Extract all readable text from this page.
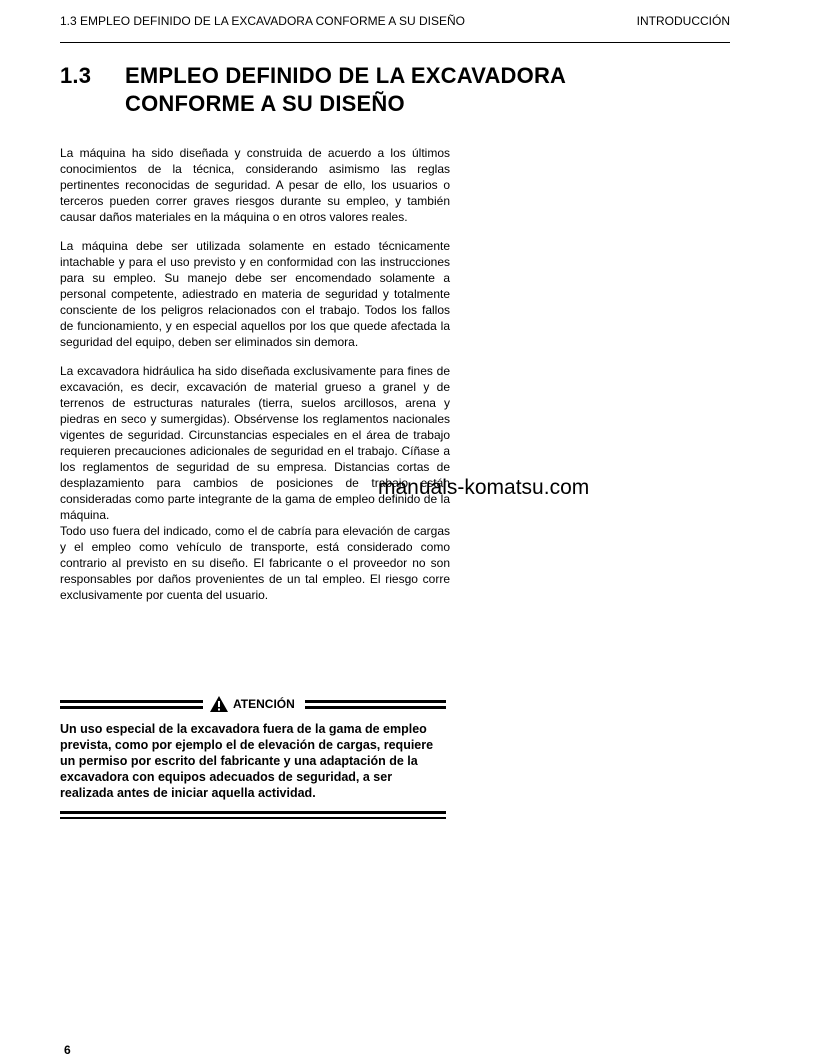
1.3 EMPLEO DEFINIDO DE LA EXCAVADORA CONFORME A SU DISEÑO	INTRODUCCIÓN
1.3 EMPLEO DEFINIDO DE LA EXCAVADORA CONFORME A SU DISEÑO

La máquina ha sido diseñada y construida de acuerdo a los últimos conocimientos de la técnica, considerando asimismo las reglas pertinentes reconocidas de seguridad. A pesar de ello, los usuarios o terceros pueden correr graves riesgos durante su empleo, y también causar daños materiales en la máquina o en otros valores reales.

La máquina debe ser utilizada solamente en estado técnicamente intachable y para el uso previsto y en conformidad con las instrucciones para su empleo. Su manejo debe ser encomendado solamente a personal competente, adiestrado en materia de seguridad y totalmente consciente de los peligros relacionados con el trabajo. Todos los fallos de funcionamiento, y en especial aquellos por los que quede afectada la seguridad del equipo, deben ser eliminados sin demora.

La excavadora hidráulica ha sido diseñada exclusivamente para fines de excavación, es decir, excavación de material grueso a granel y de terrenos de estructuras naturales (tierra, suelos arcillosos, arena y piedras en seco y sumergidas). Obsérvense los reglamentos nacionales vigentes de seguridad. Circunstancias especiales en el área de trabajo requieren precauciones adicionales de seguridad en el trabajo. Cíñase a los reglamentos de seguridad de su empresa. Distancias cortas de desplazamiento para cambios de posiciones de trabajo están consideradas como parte integrante de la gama de empleo definido de la máquina.

Todo uso fuera del indicado, como el de cabría para elevación de cargas y el empleo como vehículo de transporte, está considerado como contrario al previsto en su diseño. El fabricante o el proveedor no son responsables por daños provenientes de un tal empleo. El riesgo corre exclusivamente por cuenta del usuario.

manuals-komatsu.com
ATENCIÓN
Un uso especial de la excavadora fuera de la gama de empleo prevista, como por ejemplo el de elevación de cargas, requiere un permiso por escrito del fabricante y una adaptación de la excavadora con equipos adecuados de seguridad, a ser realizada antes de iniciar aquella actividad.
6
